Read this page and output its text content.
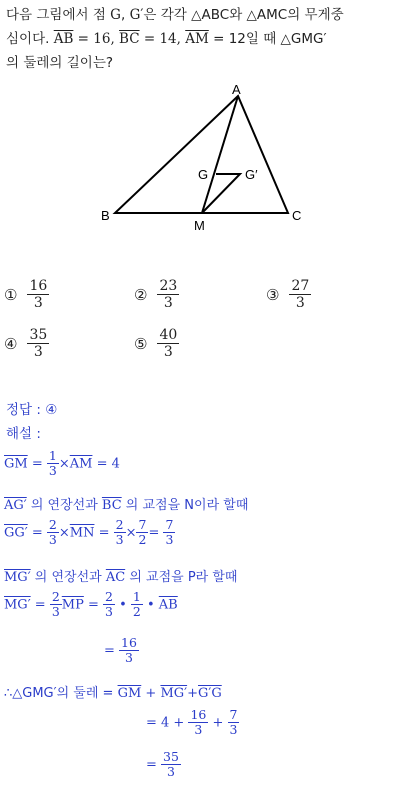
다음 그림에서 점 G, G′은 각각 △ABC와 △AMC의 무게중
심이다. $\overline{AB} = 16$, $\overline{BC} = 14$, $\overline{AM} = 12$일 때 △GMG′
의 둘레의 길이는?
A
B	C
M
G	G′
① $\frac{16}{3}$	② $\frac{23}{3}$	③ $\frac{27}{3}$
④ $\frac{35}{3}$	⑤ $\frac{40}{3}$
정답 : ④
해설 :
$\overline{GM} = \frac{1}{3} \times\overline{AM} = 4$
AG′ 의 연장선과 $\overline{BC}$ 의 교점을 N이라 할때
$GG' = \frac{2}{3} \times\overline{MN} = \frac{2}{3} \times \frac{7}{2} = \frac{7}{3}$
MG′ 의 연장선과 $\overline{AC}$ 의 교점을 P라 할때
$MG' = \frac{2}{3} \overline{MP} = \frac{2}{3}$ • $\frac{1}{2}$ • $\overline{AB}$
= $\frac{16}{3}$
∴△GMG′의 둘레 = $\overline{GM} + MG'+G'G$
= $4 + \frac{16}{3} + \frac{7}{3}$
= $\frac{35}{3}$
